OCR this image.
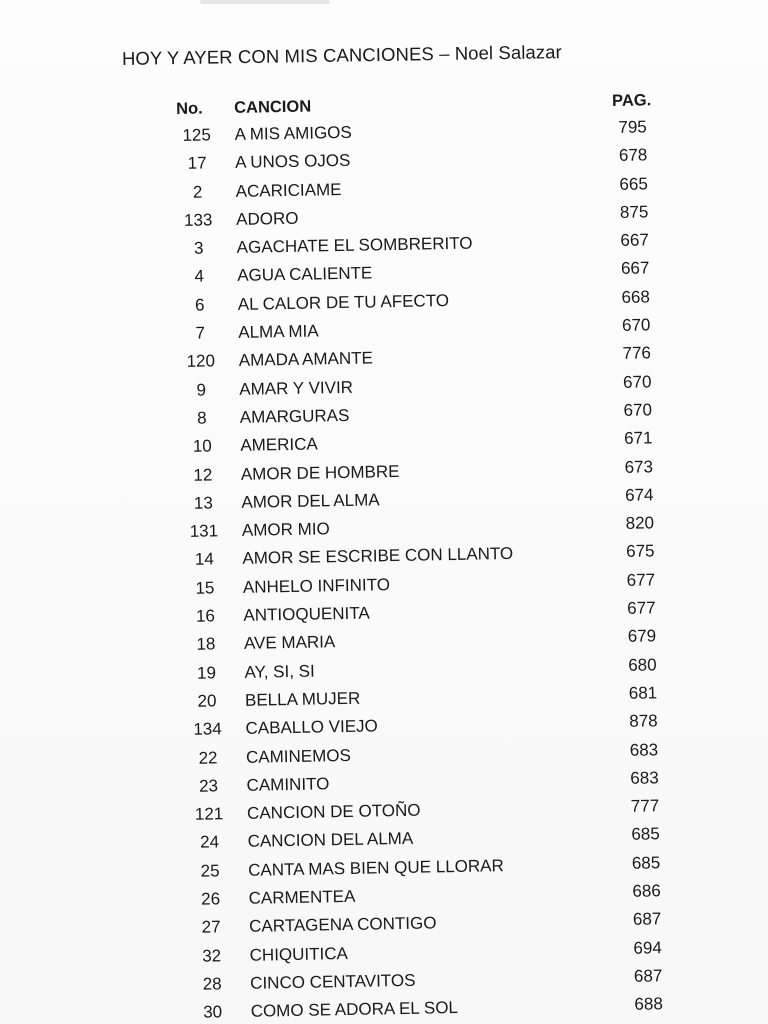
HOY Y AYER CON MIS CANCIONES – Noel Salazar
No. CANCION	PAG.
125	A MIS AMIGOS	795
17	A UNOS OJOS	678
2	ACARICIAME	665
133	ADORO	875
3	AGACHATE EL SOMBRERITO	667
4	AGUA CALIENTE	667
6	AL CALOR DE TU AFECTO	668
7	ALMA MIA	670
120	AMADA AMANTE	776
9	AMAR Y VIVIR	670
8	AMARGURAS	670
10	AMERICA	671
12	AMOR DE HOMBRE	673
13	AMOR DEL ALMA	674
131	AMOR MIO	820
14	AMOR SE ESCRIBE CON LLANTO	675
15	ANHELO INFINITO	677
16	ANTIOQUENITA	677
18	AVE MARIA	679
19	AY, SI, SI	680
20	BELLA MUJER	681
134	CABALLO VIEJO	878
22	CAMINEMOS	683
23	CAMINITO	683
121	CANCION DE OTOÑO	777
24	CANCION DEL ALMA	685
25	CANTA MAS BIEN QUE LLORAR	685
26	CARMENTEA	686
27	CARTAGENA CONTIGO	687
32	CHIQUITICA	694
28	CINCO CENTAVITOS	687
30	COMO SE ADORA EL SOL	688
